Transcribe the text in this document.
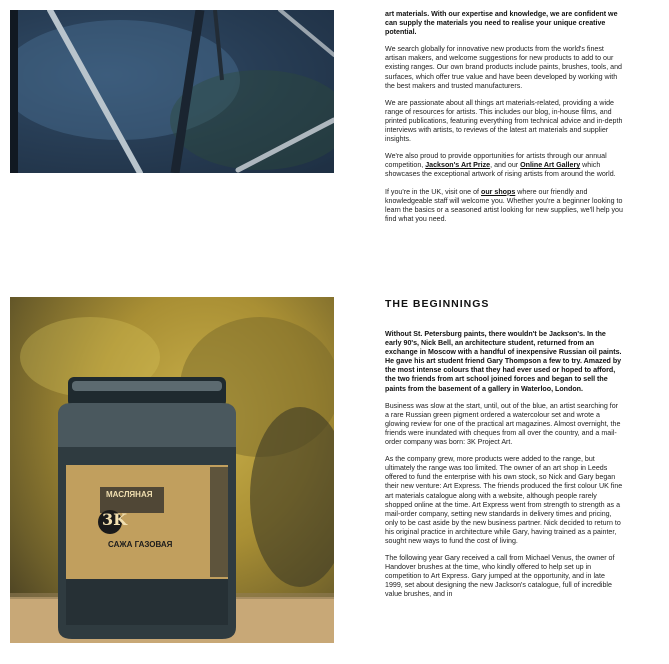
art materials. With our expertise and knowledge, we are confident we can supply the materials you need to realise your unique creative potential.

We search globally for innovative new products from the world's finest artisan makers, and welcome suggestions for new products to add to our existing ranges. Our own brand products include paints, brushes, tools, and surfaces, which offer true value and have been developed by working with the best makers and trusted manufacturers.

We are passionate about all things art materials-related, providing a wide range of resources for artists. This includes our blog, in-house films, and printed publications, featuring everything from technical advice and in-depth interviews with artists, to reviews of the latest art materials and supplier insights.

We're also proud to provide opportunities for artists through our annual competition, Jackson's Art Prize, and our Online Art Gallery which showcases the exceptional artwork of rising artists from around the world.

If you're in the UK, visit one of our shops where our friendly and knowledgeable staff will welcome you. Whether you're a beginner looking to learn the basics or a seasoned artist looking for new supplies, we'll help you find what you need.

МАСЛЯНАЯ
3K
САЖА ГАЗОВАЯ
THE BEGINNINGS

Without St. Petersburg paints, there wouldn't be Jackson's. In the early 90's, Nick Bell, an architecture student, returned from an exchange in Moscow with a handful of inexpensive Russian oil paints. He gave his art student friend Gary Thompson a few to try. Amazed by the most intense colours that they had ever used or hoped to afford, the two friends from art school joined forces and began to sell the paints from the basement of a gallery in Waterloo, London.

Business was slow at the start, until, out of the blue, an artist searching for a rare Russian green pigment ordered a watercolour set and wrote a glowing review for one of the practical art magazines. Almost overnight, the friends were inundated with cheques from all over the country, and a mail-order company was born: 3K Project Art.

As the company grew, more products were added to the range, but ultimately the range was too limited. The owner of an art shop in Leeds offered to fund the enterprise with his own stock, so Nick and Gary began their new venture: Art Express. The friends produced the first colour UK fine art materials catalogue along with a website, although people rarely shopped online at the time. Art Express went from strength to strength as a mail-order company, setting new standards in delivery times and pricing, only to be cast aside by the new business partner. Nick decided to return to his original practice in architecture while Gary, having trained as a painter, sought new ways to fund the cost of living.

The following year Gary received a call from Michael Venus, the owner of Handover brushes at the time, who kindly offered to help set up in competition to Art Express. Gary jumped at the opportunity, and in late 1999, set about designing the new Jackson's catalogue, full of incredible value brushes, and in
